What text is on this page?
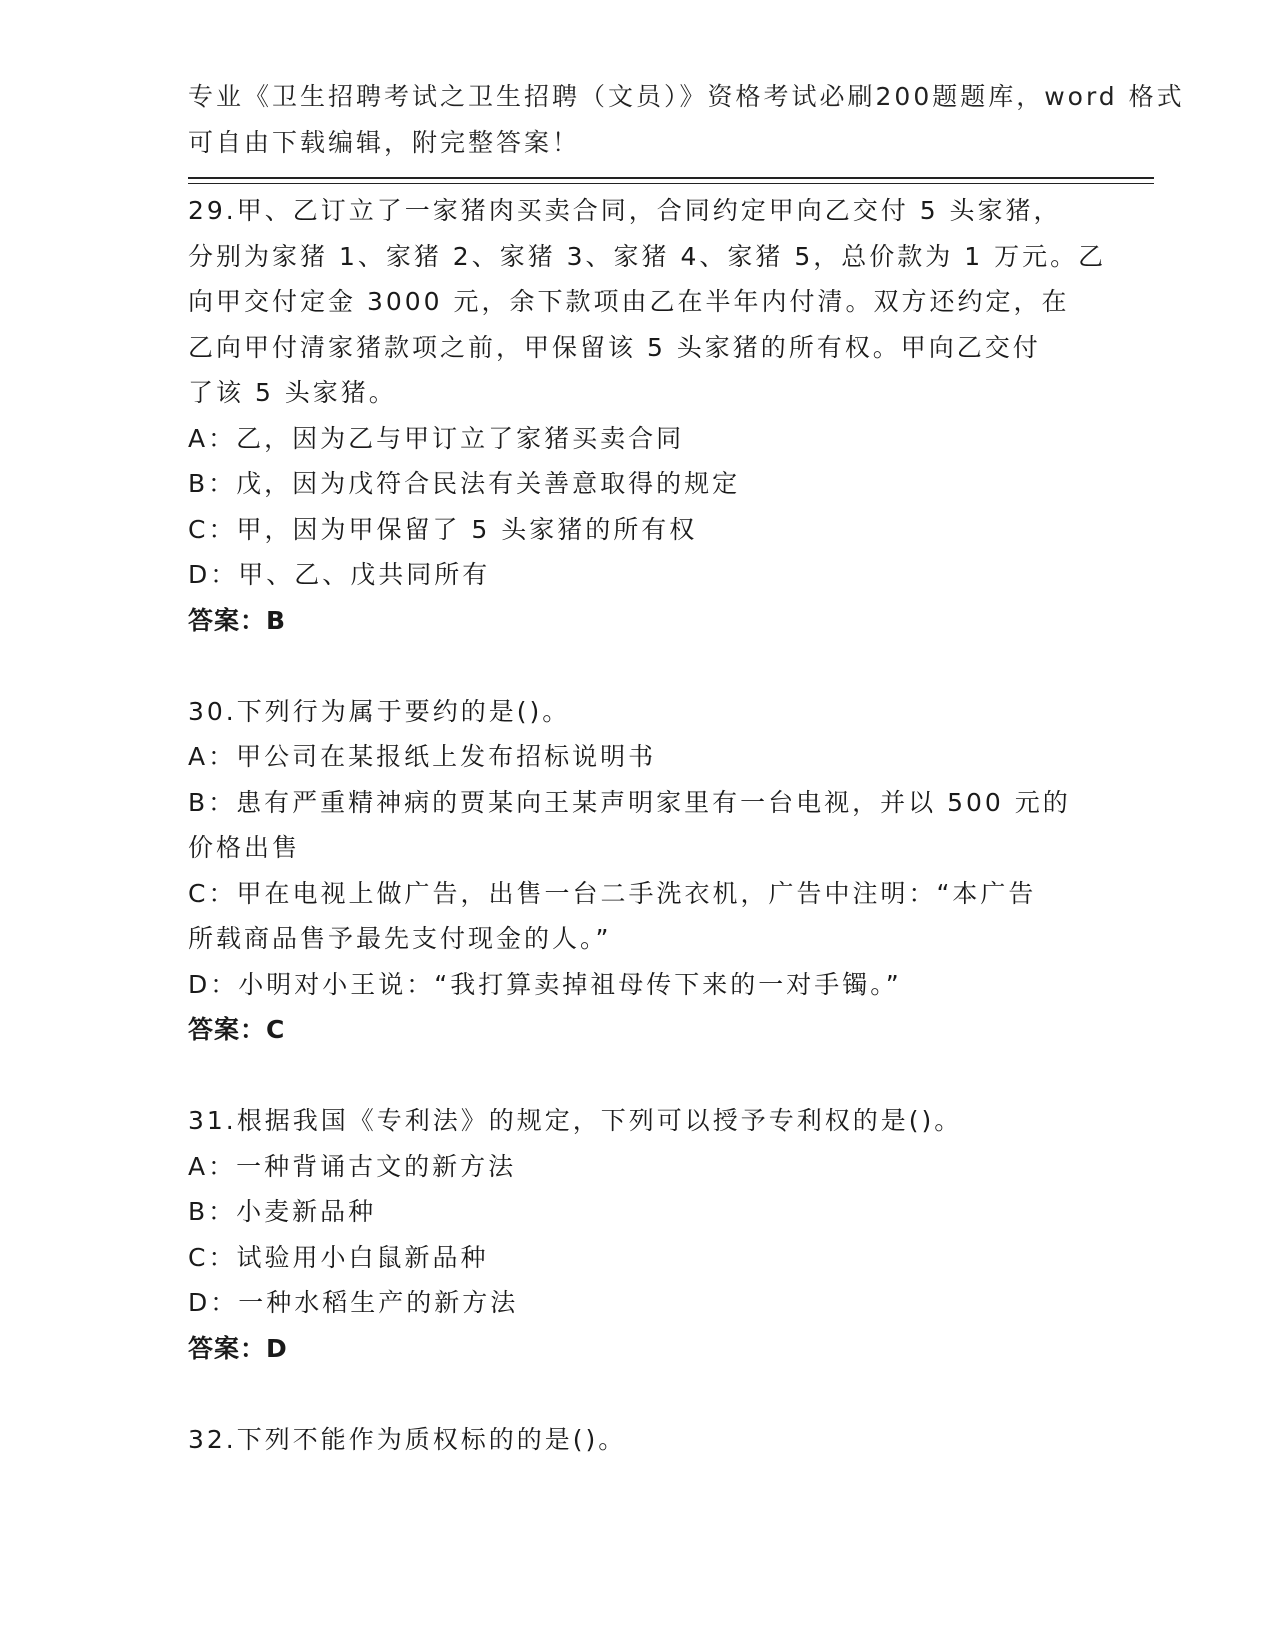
专业《卫生招聘考试之卫生招聘（文员）》资格考试必刷200题题库，word 格式
可自由下载编辑，附完整答案！
29.甲、乙订立了一家猪肉买卖合同，合同约定甲向乙交付 5 头家猪，
分别为家猪 1、家猪 2、家猪 3、家猪 4、家猪 5，总价款为 1 万元。乙
向甲交付定金 3000 元，余下款项由乙在半年内付清。双方还约定，在
乙向甲付清家猪款项之前，甲保留该 5 头家猪的所有权。甲向乙交付
了该 5 头家猪。
A：乙，因为乙与甲订立了家猪买卖合同
B：戊，因为戊符合民法有关善意取得的规定
C：甲，因为甲保留了 5 头家猪的所有权
D：甲、乙、戊共同所有
答案：B
30.下列行为属于要约的是()。
A：甲公司在某报纸上发布招标说明书
B：患有严重精神病的贾某向王某声明家里有一台电视，并以 500 元的
价格出售
C：甲在电视上做广告，出售一台二手洗衣机，广告中注明：“本广告
所载商品售予最先支付现金的人。”
D：小明对小王说：“我打算卖掉祖母传下来的一对手镯。”
答案：C
31.根据我国《专利法》的规定，下列可以授予专利权的是()。
A：一种背诵古文的新方法
B：小麦新品种
C：试验用小白鼠新品种
D：一种水稻生产的新方法
答案：D
32.下列不能作为质权标的的是()。
